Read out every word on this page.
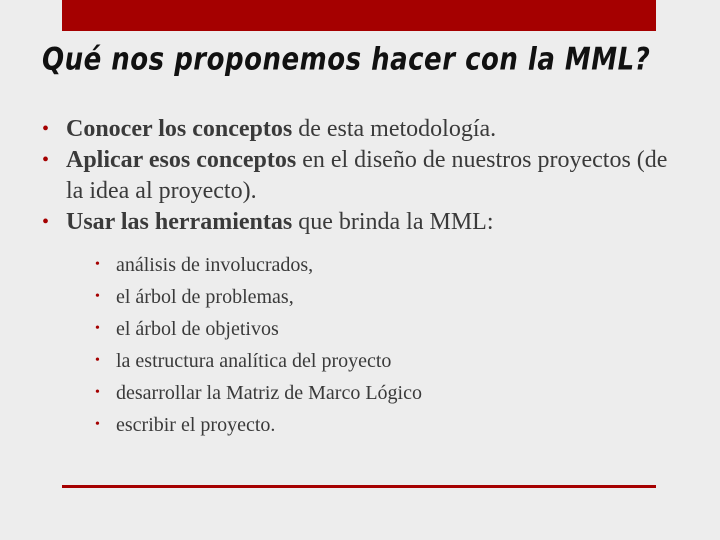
Qué nos proponemos hacer con la MML?
• Conocer los conceptos de esta metodología.
• Aplicar esos conceptos en el diseño de nuestros proyectos (de la idea al proyecto).
• Usar las herramientas que brinda la MML:
• análisis de involucrados,
• el árbol de problemas,
• el árbol de objetivos
• la estructura analítica del proyecto
• desarrollar la Matriz de Marco Lógico
• escribir el proyecto.
